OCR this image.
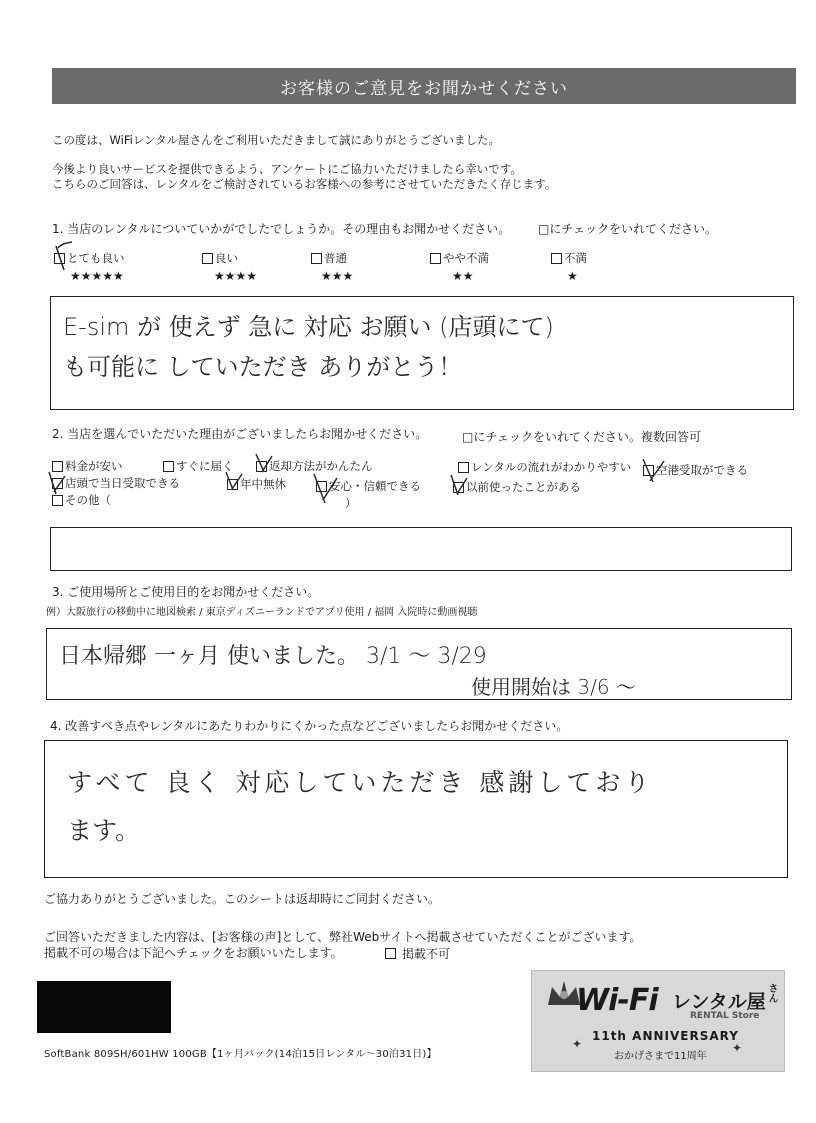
お客様のご意見をお聞かせください
この度は、WiFiレンタル屋さんをご利用いただきまして誠にありがとうございました。
今後より良いサービスを提供できるよう、アンケートにご協力いただけましたら幸いです。
こちらのご回答は、レンタルをご検討されているお客様への参考にさせていただきたく存じます。
1. 当店のレンタルについていかがでしたでしょうか。その理由もお聞かせください。 □にチェックをいれてください。
とても良い
★★★★★
良い
★★★★
普通
★★★
やや不満
★★
不満
★
E-sim が 使えず 急に 対応 お願い (店頭にて)
も可能に していただき ありがとう！
2. 当店を選んでいただいた理由がございましたらお聞かせください。	□にチェックをいれてください。複数回答可
料金が安い	すぐに届く	返却方法がかんたん	レンタルの流れがわかりやすい 空港受取ができる
店頭で当日受取できる	年中無休	安心・信頼できる	以前使ったことがある
その他（	）
3. ご使用場所とご使用目的をお聞かせください。
例）大阪旅行の移動中に地図検索 / 東京ディズニーランドでアプリ使用 / 福岡 入院時に動画視聴
日本帰郷 一ヶ月 使いました。 3/1 〜 3/29
使用開始は 3/6 〜
4. 改善すべき点やレンタルにあたりわかりにくかった点などございましたらお聞かせください。
すべて 良く 対応していただき 感謝しており
ます。
ご協力ありがとうございました。このシートは返却時にご同封ください。
ご回答いただきました内容は、[お客様の声]として、弊社Webサイトへ掲載させていただくことがございます。
掲載不可の場合は下記へチェックをお願いいたします。	掲載不可
SoftBank 809SH/601HW 100GB【1ヶ月パック(14泊15日レンタル〜30泊31日)】
Wi-Fi レンタル屋 さん
RENTAL Store
11th ANNIVERSARY
おかげさまで11周年
✦	✦
